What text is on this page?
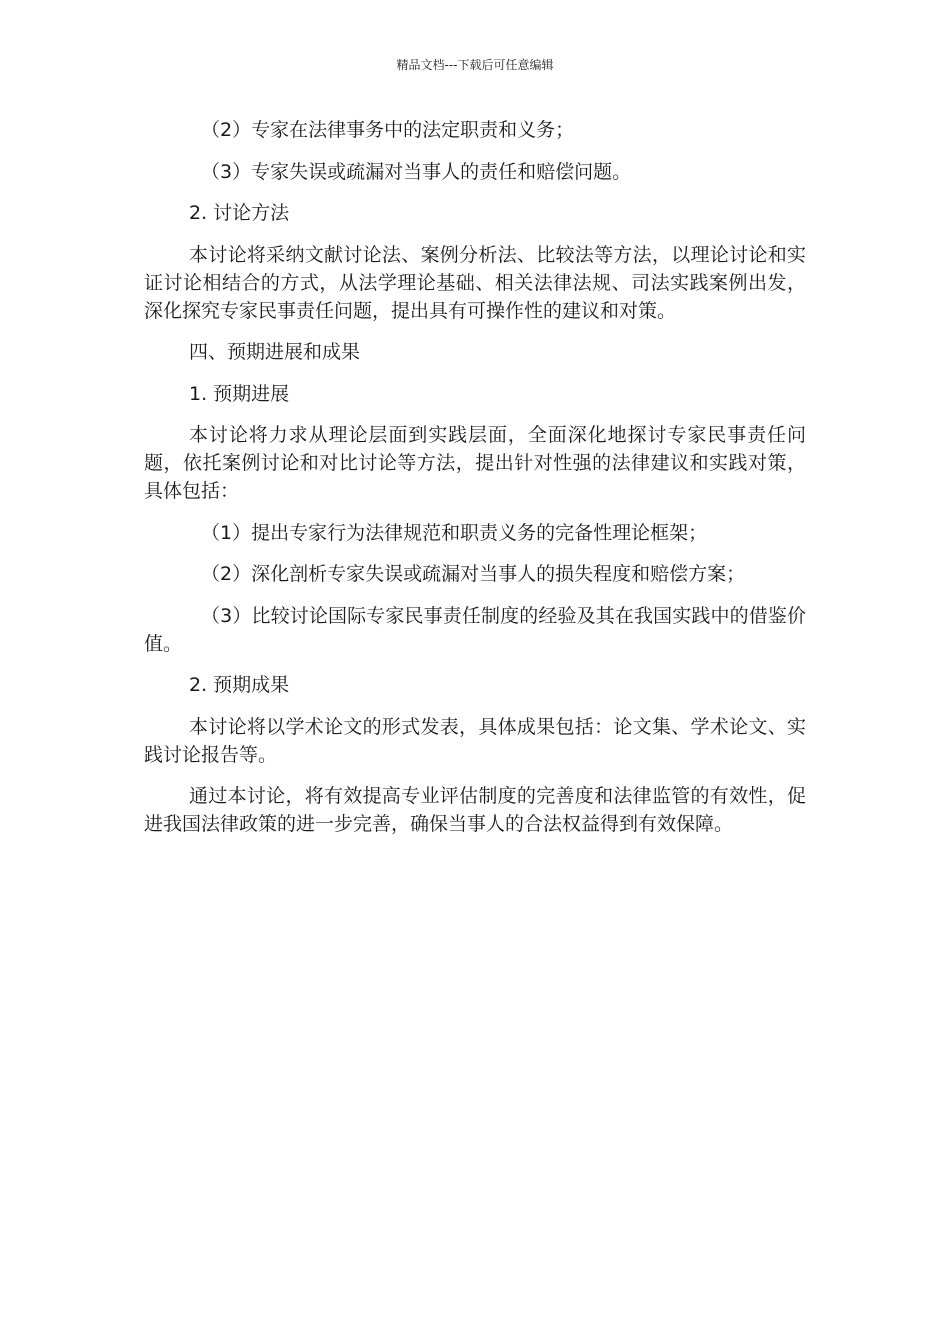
精品文档---下载后可任意编辑

（2）专家在法律事务中的法定职责和义务；

（3）专家失误或疏漏对当事人的责任和赔偿问题。

2. 讨论方法

本讨论将采纳文献讨论法、案例分析法、比较法等方法，以理论讨论和实证讨论相结合的方式，从法学理论基础、相关法律法规、司法实践案例出发，深化探究专家民事责任问题，提出具有可操作性的建议和对策。

四、预期进展和成果

1. 预期进展

本讨论将力求从理论层面到实践层面，全面深化地探讨专家民事责任问题，依托案例讨论和对比讨论等方法，提出针对性强的法律建议和实践对策，具体包括：

（1）提出专家行为法律规范和职责义务的完备性理论框架；

（2）深化剖析专家失误或疏漏对当事人的损失程度和赔偿方案；

（3）比较讨论国际专家民事责任制度的经验及其在我国实践中的借鉴价值。

2. 预期成果

本讨论将以学术论文的形式发表，具体成果包括：论文集、学术论文、实践讨论报告等。

通过本讨论，将有效提高专业评估制度的完善度和法律监管的有效性，促进我国法律政策的进一步完善，确保当事人的合法权益得到有效保障。
